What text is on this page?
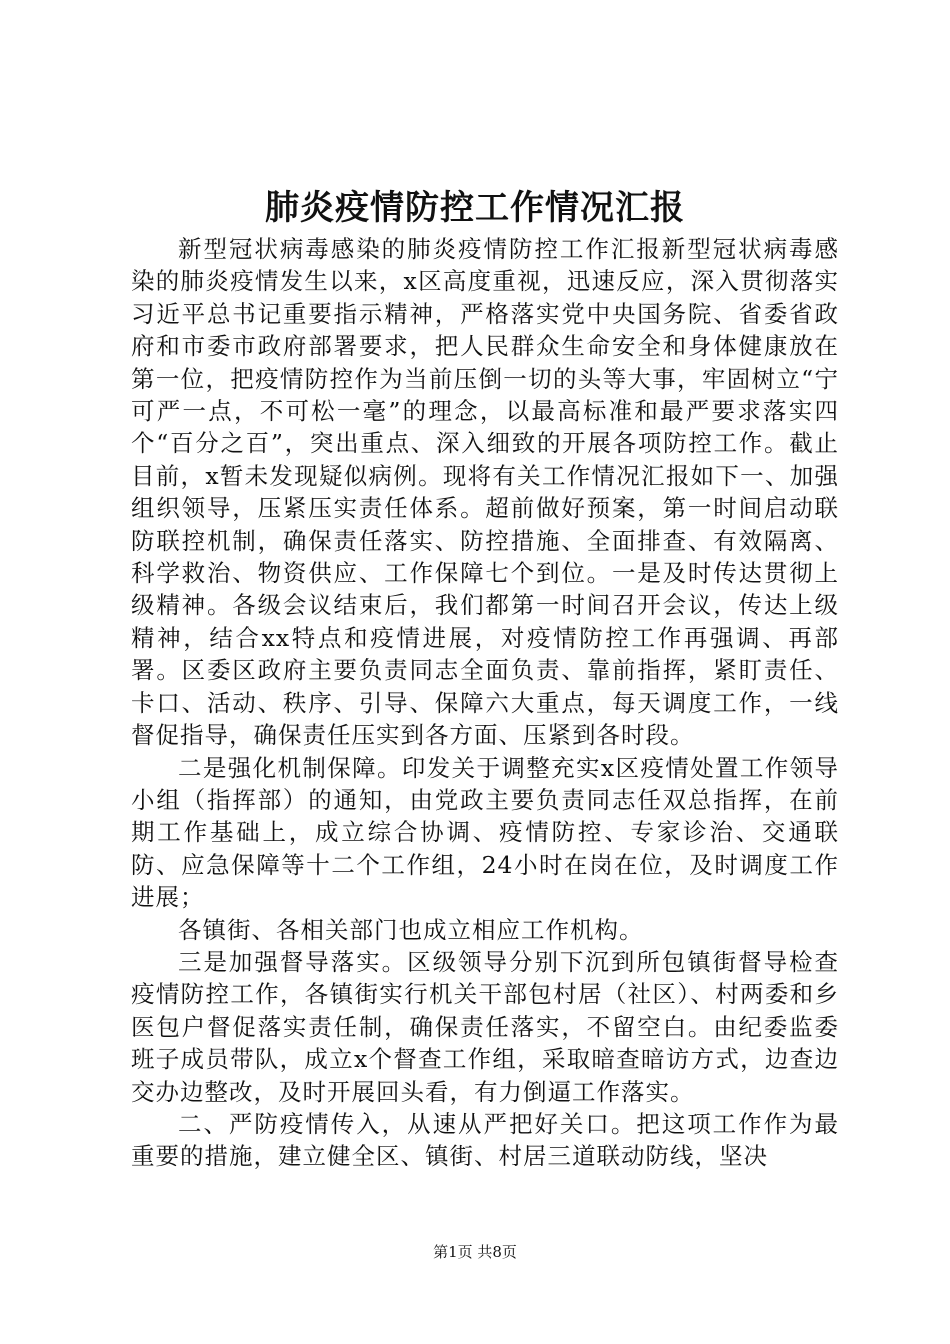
肺炎疫情防控工作情况汇报

新型冠状病毒感染的肺炎疫情防控工作汇报新型冠状病毒感染的肺炎疫情发生以来，x区高度重视，迅速反应，深入贯彻落实习近平总书记重要指示精神，严格落实党中央国务院、省委省政府和市委市政府部署要求，把人民群众生命安全和身体健康放在第一位，把疫情防控作为当前压倒一切的头等大事，牢固树立“宁可严一点，不可松一毫”的理念，以最高标准和最严要求落实四个“百分之百”，突出重点、深入细致的开展各项防控工作。截止目前，x暂未发现疑似病例。现将有关工作情况汇报如下一、加强组织领导，压紧压实责任体系。超前做好预案，第一时间启动联防联控机制，确保责任落实、防控措施、全面排查、有效隔离、科学救治、物资供应、工作保障七个到位。一是及时传达贯彻上级精神。各级会议结束后，我们都第一时间召开会议，传达上级精神，结合xx特点和疫情进展，对疫情防控工作再强调、再部署。区委区政府主要负责同志全面负责、靠前指挥，紧盯责任、卡口、活动、秩序、引导、保障六大重点，每天调度工作，一线督促指导，确保责任压实到各方面、压紧到各时段。

二是强化机制保障。印发关于调整充实x区疫情处置工作领导小组（指挥部）的通知，由党政主要负责同志任双总指挥，在前期工作基础上，成立综合协调、疫情防控、专家诊治、交通联防、应急保障等十二个工作组，24小时在岗在位，及时调度工作进展；

各镇街、各相关部门也成立相应工作机构。

三是加强督导落实。区级领导分别下沉到所包镇街督导检查疫情防控工作，各镇街实行机关干部包村居（社区）、村两委和乡医包户督促落实责任制，确保责任落实，不留空白。由纪委监委班子成员带队，成立x个督查工作组，采取暗查暗访方式，边查边交办边整改，及时开展回头看，有力倒逼工作落实。

二、严防疫情传入，从速从严把好关口。把这项工作作为最重要的措施，建立健全区、镇街、村居三道联动防线，坚决

第1页 共8页
